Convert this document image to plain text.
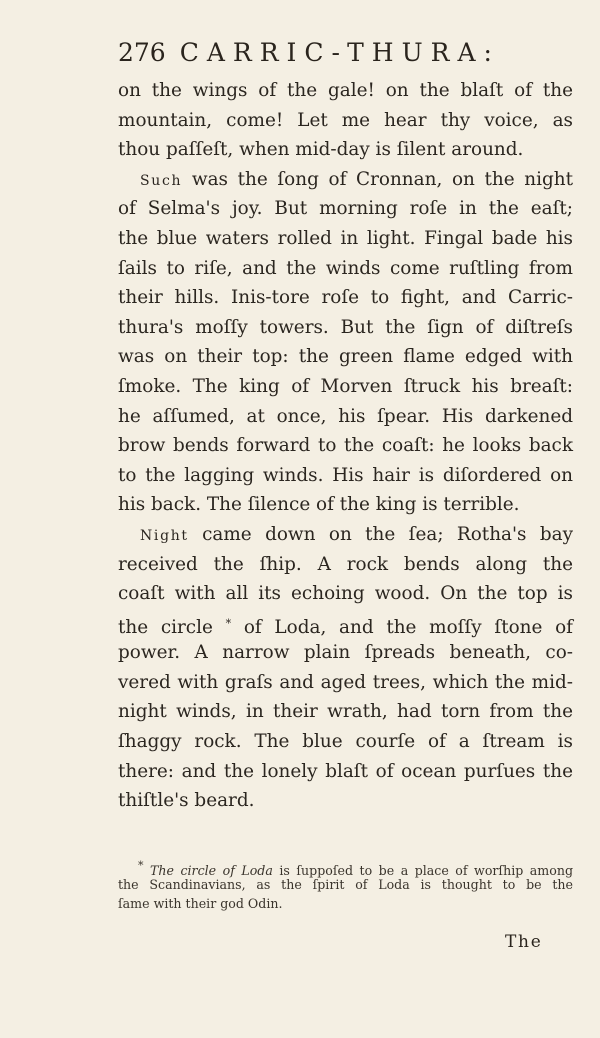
276 CARRIC-THURA:
on the wings of the gale! on the blaſt of the
mountain, come! Let me hear thy voice, as
thou paſſeſt, when mid-day is ſilent around.
Such was the ſong of Cronnan, on the night
of Selma's joy. But morning roſe in the eaſt;
the blue waters rolled in light. Fingal bade his
ſails to riſe, and the winds come ruſtling from
their hills. Inis-tore roſe to fight, and Carric-
thura's moſſy towers. But the ſign of diſtreſs
was on their top: the green flame edged with
ſmoke. The king of Morven ſtruck his breaſt:
he aſſumed, at once, his ſpear. His darkened
brow bends forward to the coaſt: he looks back
to the lagging winds. His hair is diſordered on
his back. The ſilence of the king is terrible.
Night came down on the ſea; Rotha's bay
received the ſhip. A rock bends along the
coaſt with all its echoing wood. On the top is
the circle * of Loda, and the moſſy ſtone of
power. A narrow plain ſpreads beneath, co-
vered with graſs and aged trees, which the mid-
night winds, in their wrath, had torn from the
ſhaggy rock. The blue courſe of a ſtream is
there: and the lonely blaſt of ocean purſues the
thiſtle's beard.
* The circle of Loda is ſuppoſed to be a place of worſhip among
the Scandinavians, as the ſpirit of Loda is thought to be the
ſame with their god Odin.
The
